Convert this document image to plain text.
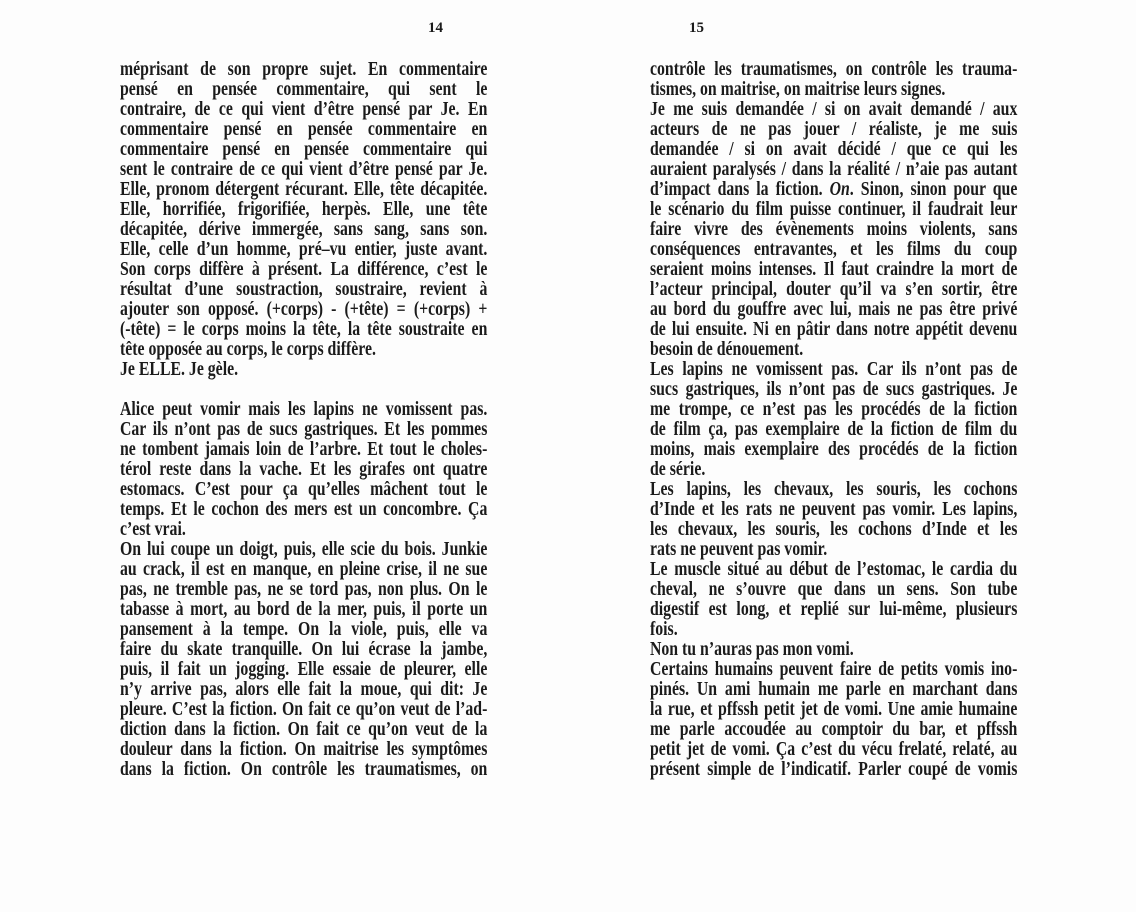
14
méprisant de son propre sujet. En commentaire
pensé en pensée commentaire, qui sent le
contraire, de ce qui vient d’être pensé par Je. En
commentaire pensé en pensée commentaire en
commentaire pensé en pensée commentaire qui
sent le contraire de ce qui vient d’être pensé par Je.
Elle, pronom détergent récurant. Elle, tête décapitée.
Elle, horrifiée, frigorifiée, herpès. Elle, une tête
décapitée, dérive immergée, sans sang, sans son.
Elle, celle d’un homme, pré–vu entier, juste avant.
Son corps diffère à présent. La différence, c’est le
résultat d’une soustraction, soustraire, revient à
ajouter son opposé. (+corps) - (+tête) = (+corps) +
(-tête) = le corps moins la tête, la tête soustraite en
tête opposée au corps, le corps diffère.
Je ELLE. Je gèle.
Alice peut vomir mais les lapins ne vomissent pas.
Car ils n’ont pas de sucs gastriques. Et les pommes
ne tombent jamais loin de l’arbre. Et tout le choles-
térol reste dans la vache. Et les girafes ont quatre
estomacs. C’est pour ça qu’elles mâchent tout le
temps. Et le cochon des mers est un concombre. Ça
c’est vrai.
On lui coupe un doigt, puis, elle scie du bois. Junkie
au crack, il est en manque, en pleine crise, il ne sue
pas, ne tremble pas, ne se tord pas, non plus. On le
tabasse à mort, au bord de la mer, puis, il porte un
pansement à la tempe. On la viole, puis, elle va
faire du skate tranquille. On lui écrase la jambe,
puis, il fait un jogging. Elle essaie de pleurer, elle
n’y arrive pas, alors elle fait la moue, qui dit: Je
pleure. C’est la fiction. On fait ce qu’on veut de l’ad-
diction dans la fiction. On fait ce qu’on veut de la
douleur dans la fiction. On maitrise les symptômes
dans la fiction. On contrôle les traumatismes, on
15
contrôle les traumatismes, on contrôle les trauma-
tismes, on maitrise, on maitrise leurs signes.
Je me suis demandée / si on avait demandé / aux
acteurs de ne pas jouer / réaliste, je me suis
demandée / si on avait décidé / que ce qui les
auraient paralysés / dans la réalité / n’aie pas autant
d’impact dans la fiction. On. Sinon, sinon pour que
le scénario du film puisse continuer, il faudrait leur
faire vivre des évènements moins violents, sans
conséquences entravantes, et les films du coup
seraient moins intenses. Il faut craindre la mort de
l’acteur principal, douter qu’il va s’en sortir, être
au bord du gouffre avec lui, mais ne pas être privé
de lui ensuite. Ni en pâtir dans notre appétit devenu
besoin de dénouement.
Les lapins ne vomissent pas. Car ils n’ont pas de
sucs gastriques, ils n’ont pas de sucs gastriques. Je
me trompe, ce n’est pas les procédés de la fiction
de film ça, pas exemplaire de la fiction de film du
moins, mais exemplaire des procédés de la fiction
de série.
Les lapins, les chevaux, les souris, les cochons
d’Inde et les rats ne peuvent pas vomir. Les lapins,
les chevaux, les souris, les cochons d’Inde et les
rats ne peuvent pas vomir.
Le muscle situé au début de l’estomac, le cardia du
cheval, ne s’ouvre que dans un sens. Son tube
digestif est long, et replié sur lui-même, plusieurs
fois.
Non tu n’auras pas mon vomi.
Certains humains peuvent faire de petits vomis ino-
pinés. Un ami humain me parle en marchant dans
la rue, et pffssh petit jet de vomi. Une amie humaine
me parle accoudée au comptoir du bar, et pffssh
petit jet de vomi. Ça c’est du vécu frelaté, relaté, au
présent simple de l’indicatif. Parler coupé de vomis
